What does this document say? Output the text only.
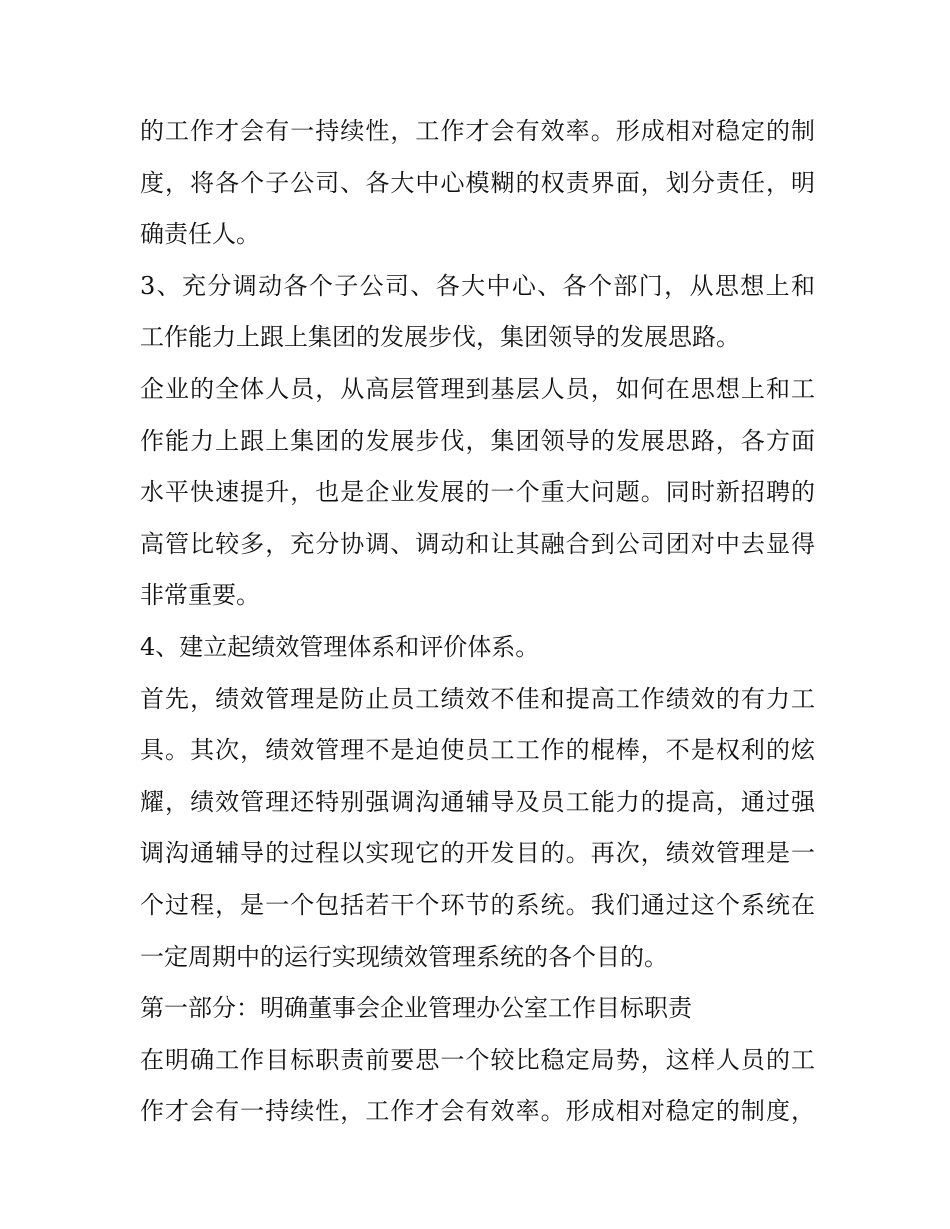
的工作才会有一持续性，工作才会有效率。形成相对稳定的制
度，将各个子公司、各大中心模糊的权责界面，划分责任，明
确责任人。
3、充分调动各个子公司、各大中心、各个部门，从思想上和
工作能力上跟上集团的发展步伐，集团领导的发展思路。
企业的全体人员，从高层管理到基层人员，如何在思想上和工
作能力上跟上集团的发展步伐，集团领导的发展思路，各方面
水平快速提升，也是企业发展的一个重大问题。同时新招聘的
高管比较多，充分协调、调动和让其融合到公司团对中去显得
非常重要。
4、建立起绩效管理体系和评价体系。
首先，绩效管理是防止员工绩效不佳和提高工作绩效的有力工
具。其次，绩效管理不是迫使员工工作的棍棒，不是权利的炫
耀，绩效管理还特别强调沟通辅导及员工能力的提高，通过强
调沟通辅导的过程以实现它的开发目的。再次，绩效管理是一
个过程，是一个包括若干个环节的系统。我们通过这个系统在
一定周期中的运行实现绩效管理系统的各个目的。
第一部分：明确董事会企业管理办公室工作目标职责
在明确工作目标职责前要思一个较比稳定局势，这样人员的工
作才会有一持续性，工作才会有效率。形成相对稳定的制度，
